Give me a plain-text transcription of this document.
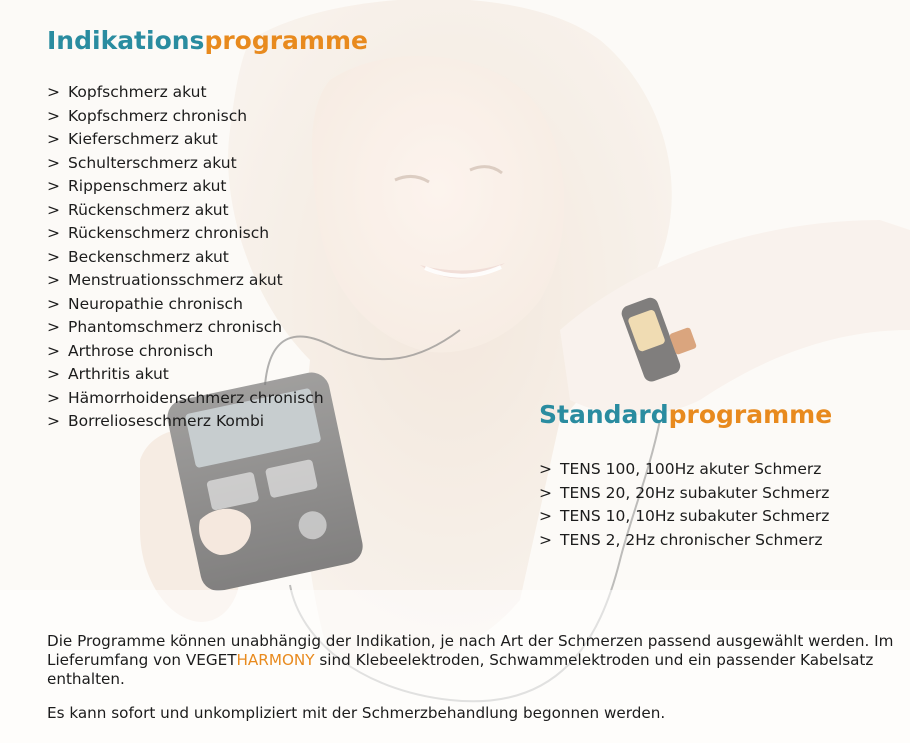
Indikationsprogramme
> Kopfschmerz akut
> Kopfschmerz chronisch
> Kieferschmerz akut
> Schulterschmerz akut
> Rippenschmerz akut
> Rückenschmerz akut
> Rückenschmerz chronisch
> Beckenschmerz akut
> Menstruationsschmerz akut
> Neuropathie chronisch
> Phantomschmerz chronisch
> Arthrose chronisch
> Arthritis akut
> Hämorrhoidenschmerz chronisch
> Borrelioseschmerz Kombi	Standardprogramme
> TENS 100, 100Hz akuter Schmerz
> TENS 20, 20Hz subakuter Schmerz
> TENS 10, 10Hz subakuter Schmerz
> TENS 2, 2Hz chronischer Schmerz

Die Programme können unabhängig der Indikation, je nach Art der Schmerzen passend ausgewählt werden. Im Lieferumfang von VEGETHARMONY sind Klebeelektroden, Schwammelektroden und ein passender Kabelsatz enthalten.

Es kann sofort und unkompliziert mit der Schmerzbehandlung begonnen werden.
